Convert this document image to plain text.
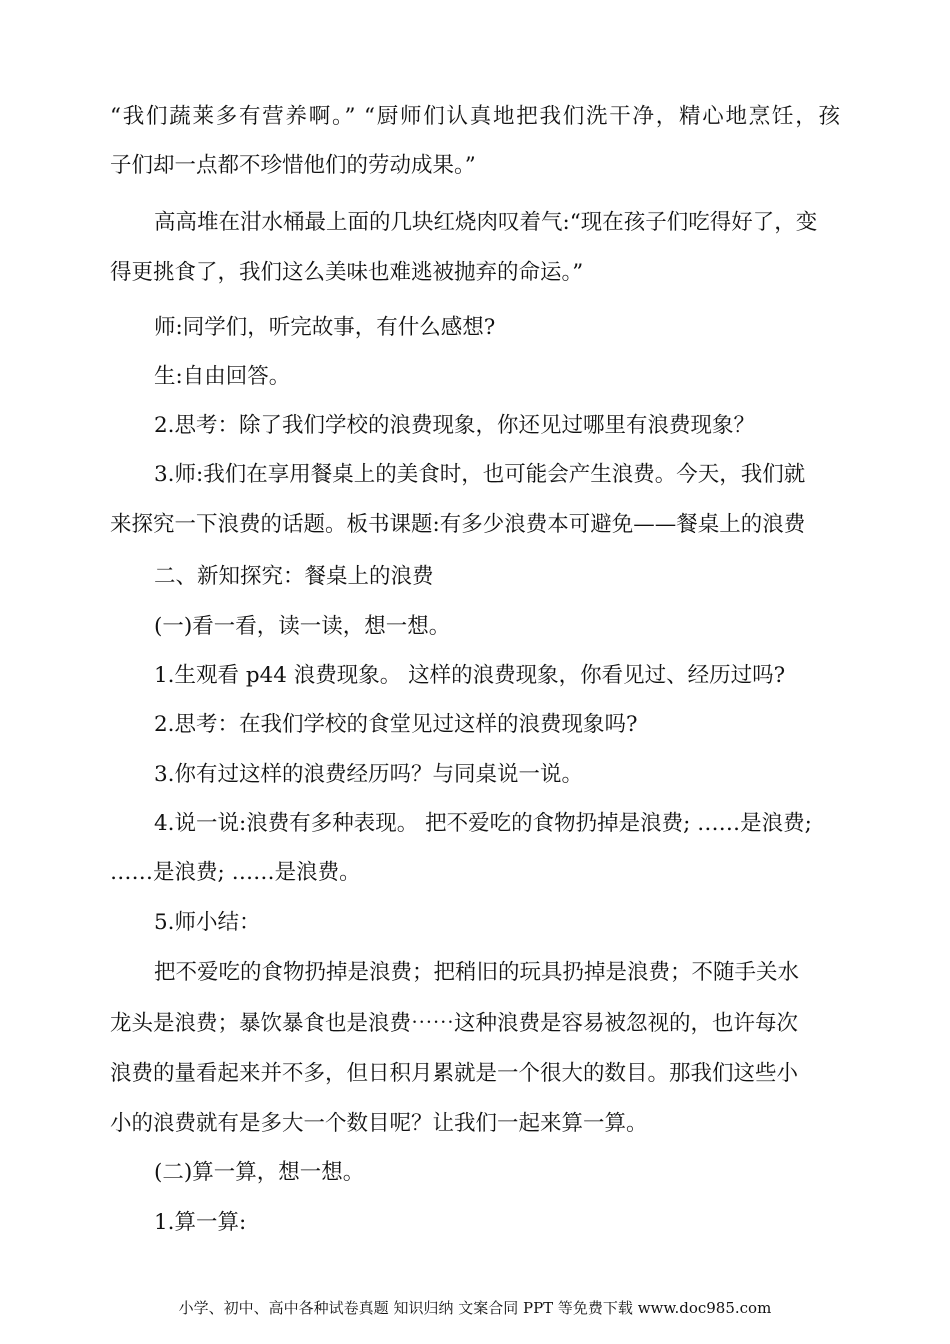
“我们蔬莱多有营养啊。” “厨师们认真地把我们洗干净，精心地烹饪，孩
子们却一点都不珍惜他们的劳动成果。”
高高堆在泔水桶最上面的几块红烧肉叹着气:“现在孩子们吃得好了，变
得更挑食了，我们这么美味也难逃被抛弃的命运。”
师:同学们，听完故事，有什么感想?
生:自由回答。
2.思考：除了我们学校的浪费现象，你还见过哪里有浪费现象？
3.师:我们在享用餐桌上的美食时，也可能会产生浪费。今天，我们就
来探究一下浪费的话题。板书课题:有多少浪费本可避免——餐桌上的浪费
二、新知探究：餐桌上的浪费
(一)看一看，读一读，想一想。
1.生观看 p44 浪费现象。 这样的浪费现象，你看见过、经历过吗?
2.思考：在我们学校的食堂见过这样的浪费现象吗?
3.你有过这样的浪费经历吗？与同桌说一说。
4.说一说:浪费有多种表现。 把不爱吃的食物扔掉是浪费; ……是浪费;
……是浪费; ……是浪费。
5.师小结：
把不爱吃的食物扔掉是浪费；把稍旧的玩具扔掉是浪费；不随手关水
龙头是浪费；暴饮暴食也是浪费⋯⋯这种浪费是容易被忽视的，也许每次
浪费的量看起来并不多，但日积月累就是一个很大的数目。那我们这些小
小的浪费就有是多大一个数目呢？让我们一起来算一算。
(二)算一算，想一想。
1.算一算:
小学、初中、高中各种试卷真题 知识归纳 文案合同 PPT 等免费下载 www.doc985.com
